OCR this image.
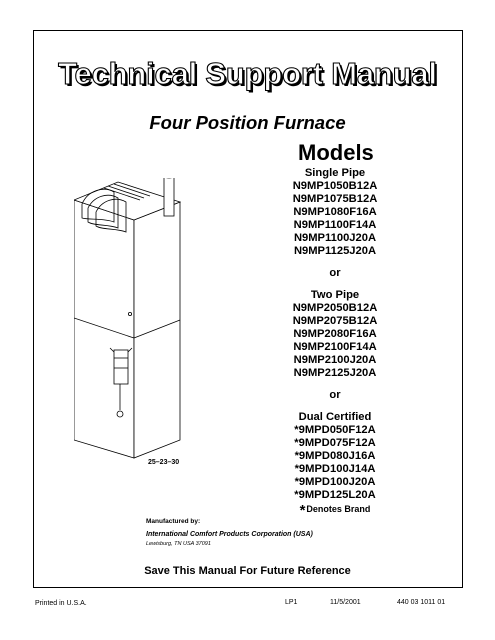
Technical Support Manual
Four Position Furnace
Models
Single Pipe
N9MP1050B12A
N9MP1075B12A
N9MP1080F16A
N9MP1100F14A
N9MP1100J20A
N9MP1125J20A
or
Two Pipe
N9MP2050B12A
N9MP2075B12A
N9MP2080F16A
N9MP2100F14A
N9MP2100J20A
N9MP2125J20A
or
Dual Certified
*9MPD050F12A
*9MPD075F12A
*9MPD080J16A
*9MPD100J14A
*9MPD100J20A
*9MPD125L20A
*Denotes Brand
25–23–30
Manufactured by:
International Comfort Products Corporation (USA)
Lewisburg, TN USA 37091
Save This Manual For Future Reference
Printed in U.S.A.	LP1	11/5/2001	440 03 1011 01
